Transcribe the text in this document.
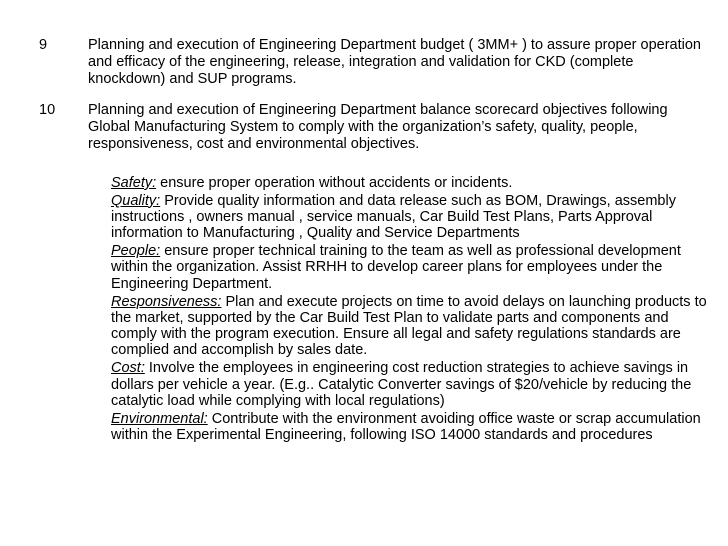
9	Planning and execution of Engineering Department budget ( 3MM+ ) to assure proper operation and efficacy of the engineering, release, integration and validation for CKD (complete knockdown) and SUP programs.
10 Planning and execution of Engineering Department balance scorecard objectives following Global Manufacturing System to comply with the organization’s safety, quality, people, responsiveness, cost and environmental objectives.
Safety: ensure proper operation without accidents or incidents.
Quality: Provide quality information and data release such as BOM, Drawings, assembly instructions , owners manual , service manuals, Car Build Test Plans, Parts Approval information to Manufacturing , Quality and Service Departments
People: ensure proper technical training to the team as well as professional development within the organization. Assist RRHH to develop career plans for employees under the Engineering Department.
Responsiveness: Plan and execute projects on time to avoid delays on launching products to the market, supported by the Car Build Test Plan to validate parts and components and comply with the program execution. Ensure all legal and safety regulations standards are complied and accomplish by sales date.
Cost: Involve the employees in engineering cost reduction strategies to achieve savings in dollars per vehicle a year. (E.g.. Catalytic Converter savings of $20/vehicle by reducing the catalytic load while complying with local regulations)
Environmental: Contribute with the environment avoiding office waste or scrap accumulation within the Experimental Engineering, following ISO 14000 standards and procedures
